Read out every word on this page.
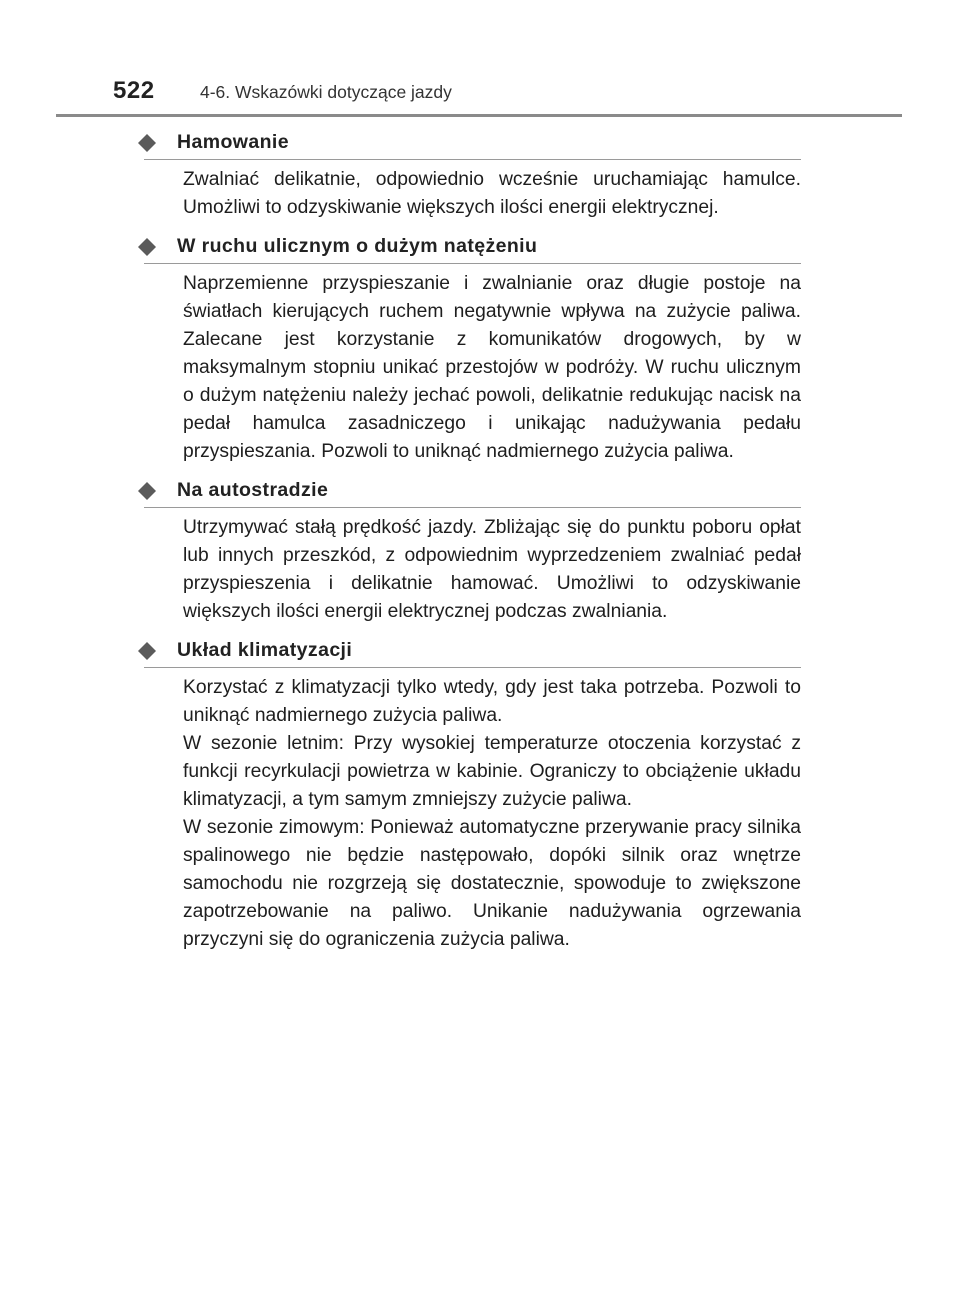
522	4-6. Wskazówki dotyczące jazdy
Hamowanie

Zwalniać delikatnie, odpowiednio wcześnie uruchamiając hamulce. Umożliwi to odzyskiwanie większych ilości energii elektrycznej.

W ruchu ulicznym o dużym natężeniu

Naprzemienne przyspieszanie i zwalnianie oraz długie postoje na światłach kierujących ruchem negatywnie wpływa na zużycie paliwa. Zalecane jest korzystanie z komunikatów drogowych, by w maksymalnym stopniu unikać przestojów w podróży. W ruchu ulicznym o dużym natężeniu należy jechać powoli, delikatnie redukując nacisk na pedał hamulca zasadniczego i unikając nadużywania pedału przyspieszania. Pozwoli to uniknąć nadmiernego zużycia paliwa.

Na autostradzie

Utrzymywać stałą prędkość jazdy. Zbliżając się do punktu poboru opłat lub innych przeszkód, z odpowiednim wyprzedzeniem zwalniać pedał przyspieszenia i delikatnie hamować. Umożliwi to odzyskiwanie większych ilości energii elektrycznej podczas zwalniania.

Układ klimatyzacji

Korzystać z klimatyzacji tylko wtedy, gdy jest taka potrzeba. Pozwoli to uniknąć nadmiernego zużycia paliwa.

W sezonie letnim: Przy wysokiej temperaturze otoczenia korzystać z funkcji recyrkulacji powietrza w kabinie. Ograniczy to obciążenie układu klimatyzacji, a tym samym zmniejszy zużycie paliwa.

W sezonie zimowym: Ponieważ automatyczne przerywanie pracy silnika spalinowego nie będzie następowało, dopóki silnik oraz wnętrze samochodu nie rozgrzeją się dostatecznie, spowoduje to zwiększone zapotrzebowanie na paliwo. Unikanie nadużywania ogrzewania przyczyni się do ograniczenia zużycia paliwa.
